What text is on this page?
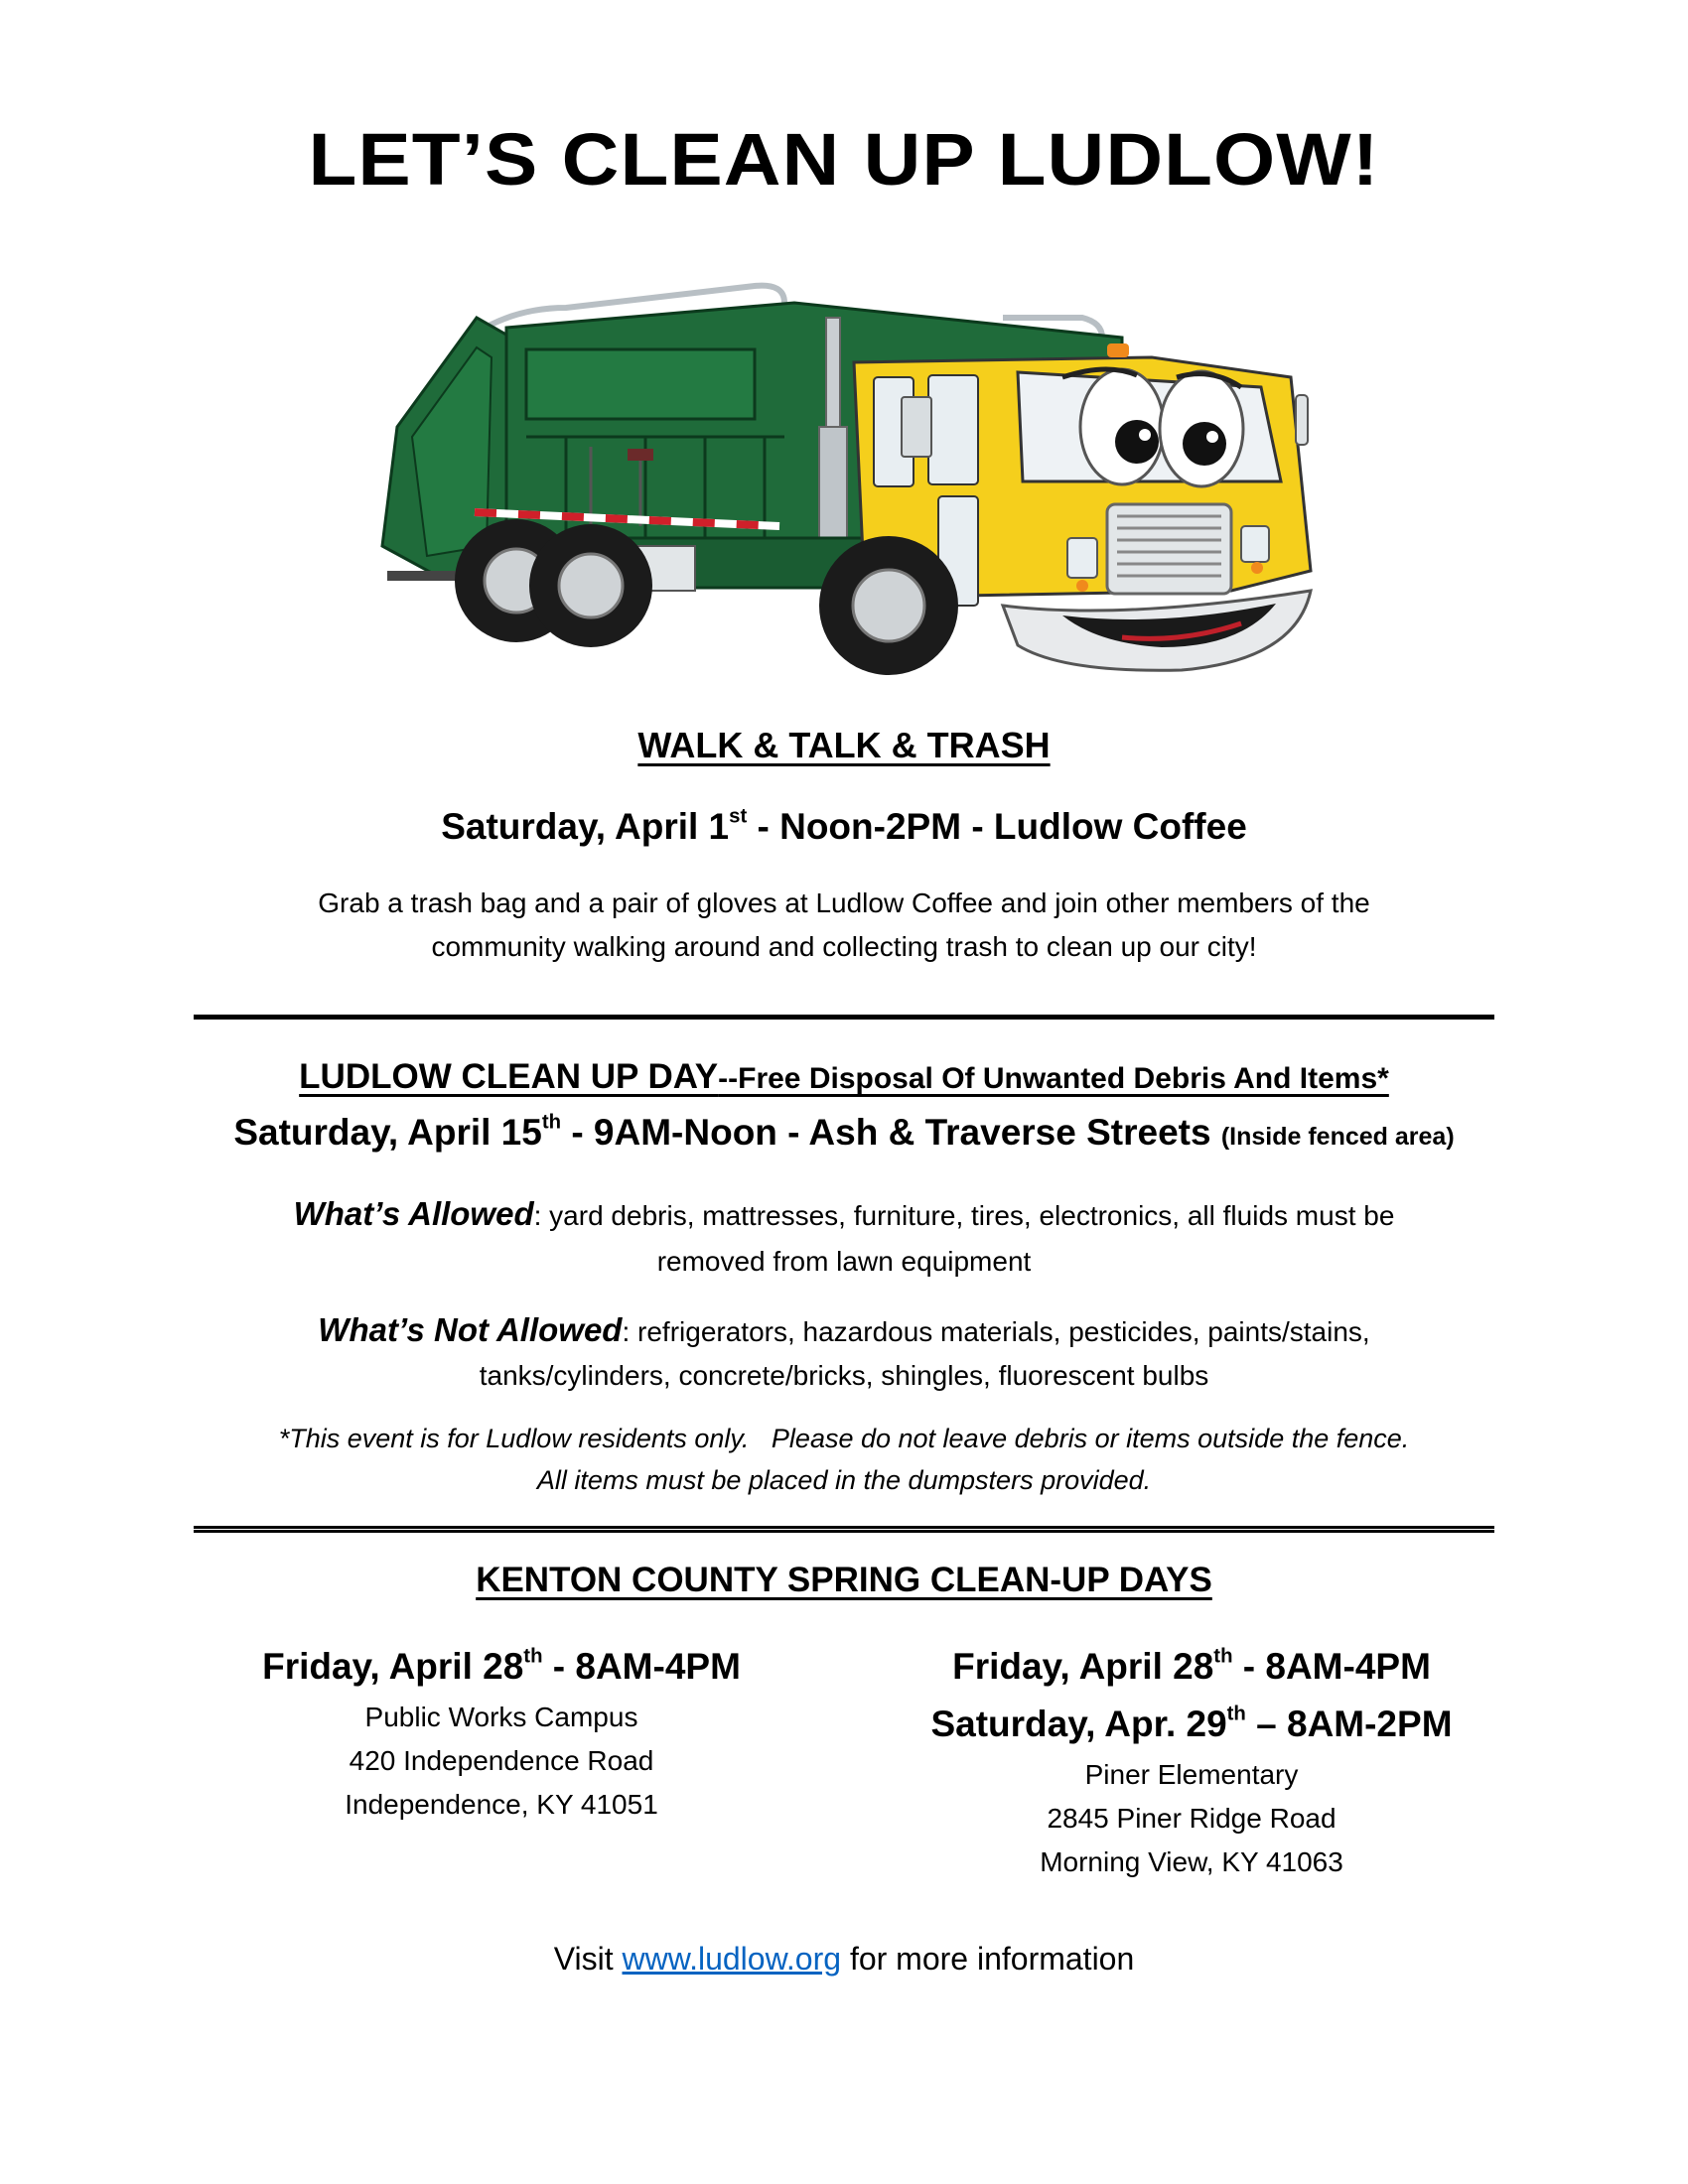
LET’S CLEAN UP LUDLOW!
WALK & TALK & TRASH
Saturday, April 1st - Noon-2PM - Ludlow Coffee
Grab a trash bag and a pair of gloves at Ludlow Coffee and join other members of the
community walking around and collecting trash to clean up our city!
LUDLOW CLEAN UP DAY--Free Disposal Of Unwanted Debris And Items*
Saturday, April 15th - 9AM-Noon - Ash & Traverse Streets (Inside fenced area)
What’s Allowed: yard debris, mattresses, furniture, tires, electronics, all fluids must be
removed from lawn equipment
What’s Not Allowed: refrigerators, hazardous materials, pesticides, paints/stains,
tanks/cylinders, concrete/bricks, shingles, fluorescent bulbs
*This event is for Ludlow residents only.   Please do not leave debris or items outside the fence.
All items must be placed in the dumpsters provided.
KENTON COUNTY SPRING CLEAN-UP DAYS
Friday, April 28th - 8AM-4PM
Public Works Campus
420 Independence Road
Independence, KY 41051
Friday, April 28th - 8AM-4PM
Saturday, Apr. 29th – 8AM-2PM
Piner Elementary
2845 Piner Ridge Road
Morning View, KY 41063
Visit www.ludlow.org for more information
